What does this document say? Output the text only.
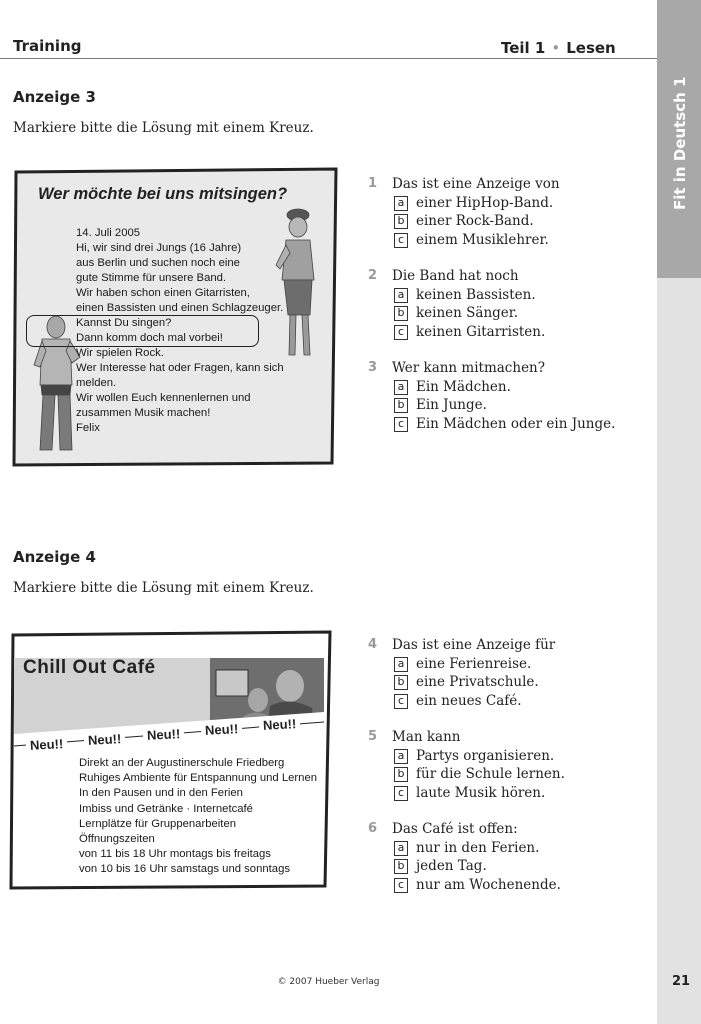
Fit in Deutsch 1
Training	Teil 1 • Lesen
Anzeige 3
Markiere bitte die Lösung mit einem Kreuz.
Wer möchte bei uns mitsingen?
14. Juli 2005
Hi, wir sind drei Jungs (16 Jahre)
aus Berlin und suchen noch eine
gute Stimme für unsere Band.
Wir haben schon einen Gitarristen,
einen Bassisten und einen Schlagzeuger.
Kannst Du singen?
Dann komm doch mal vorbei!
Wir spielen Rock.
Wer Interesse hat oder Fragen, kann sich
melden.
Wir wollen Euch kennenlernen und
zusammen Musik machen!
Felix
1 Das ist eine Anzeige von
a einer HipHop-Band.
b einer Rock-Band.
c einem Musiklehrer.
2 Die Band hat noch
a keinen Bassisten.
b keinen Sänger.
c keinen Gitarristen.
3 Wer kann mitmachen?
a Ein Mädchen.
b Ein Junge.
c Ein Mädchen oder ein Junge.
Anzeige 4
Markiere bitte die Lösung mit einem Kreuz.
Chill Out Café
Neu!!	Neu!!	Neu!!	Neu!!	Neu!!
Direkt an der Augustinerschule Friedberg
Ruhiges Ambiente für Entspannung und Lernen
In den Pausen und in den Ferien
Imbiss und Getränke · Internetcafé
Lernplätze für Gruppenarbeiten
Öffnungszeiten
von 11 bis 18 Uhr montags bis freitags
von 10 bis 16 Uhr samstags und sonntags
4 Das ist eine Anzeige für
a eine Ferienreise.
b eine Privatschule.
c ein neues Café.
5 Man kann
a Partys organisieren.
b für die Schule lernen.
c laute Musik hören.
6 Das Café ist offen:
a nur in den Ferien.
b jeden Tag.
c nur am Wochenende.
© 2007 Hueber Verlag	21
